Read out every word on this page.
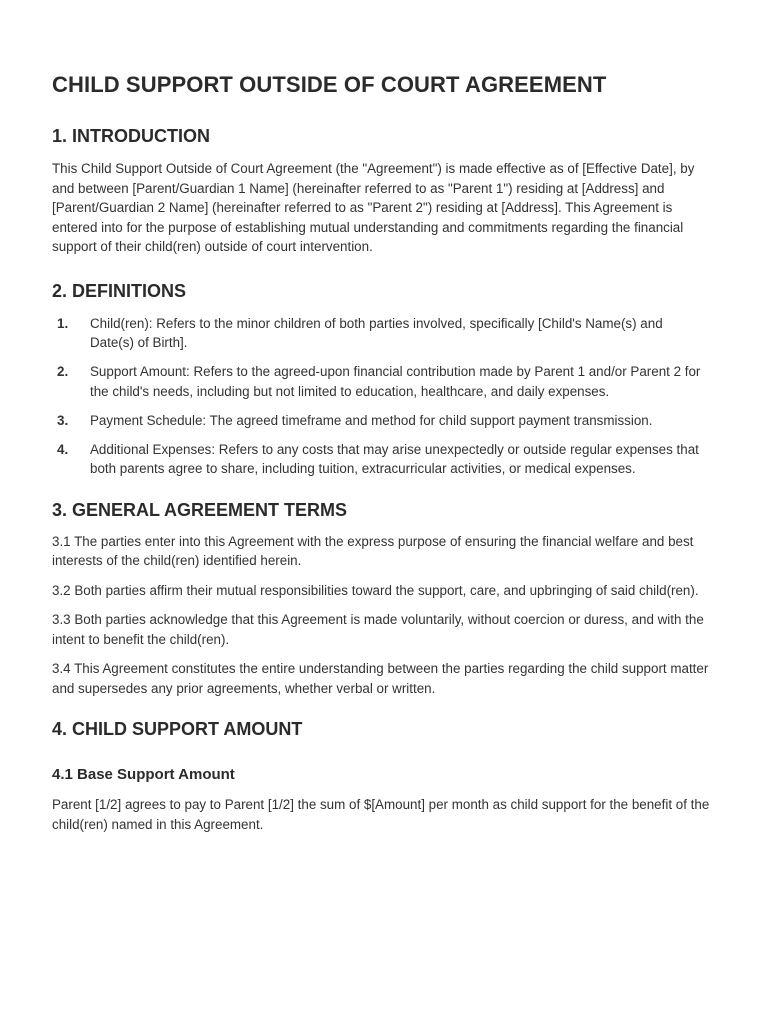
CHILD SUPPORT OUTSIDE OF COURT AGREEMENT
1. INTRODUCTION

This Child Support Outside of Court Agreement (the "Agreement") is made effective as of [Effective Date], by and between [Parent/Guardian 1 Name] (hereinafter referred to as "Parent 1") residing at [Address] and [Parent/Guardian 2 Name] (hereinafter referred to as "Parent 2") residing at [Address]. This Agreement is entered into for the purpose of establishing mutual understanding and commitments regarding the financial support of their child(ren) outside of court intervention.

2. DEFINITIONS
1. Child(ren): Refers to the minor children of both parties involved, specifically [Child's Name(s) and Date(s) of Birth].
2. Support Amount: Refers to the agreed-upon financial contribution made by Parent 1 and/or Parent 2 for the child's needs, including but not limited to education, healthcare, and daily expenses.
3. Payment Schedule: The agreed timeframe and method for child support payment transmission.
4. Additional Expenses: Refers to any costs that may arise unexpectedly or outside regular expenses that both parents agree to share, including tuition, extracurricular activities, or medical expenses.
3. GENERAL AGREEMENT TERMS

3.1 The parties enter into this Agreement with the express purpose of ensuring the financial welfare and best interests of the child(ren) identified herein.

3.2 Both parties affirm their mutual responsibilities toward the support, care, and upbringing of said child(ren).

3.3 Both parties acknowledge that this Agreement is made voluntarily, without coercion or duress, and with the intent to benefit the child(ren).

3.4 This Agreement constitutes the entire understanding between the parties regarding the child support matter and supersedes any prior agreements, whether verbal or written.

4. CHILD SUPPORT AMOUNT
4.1 Base Support Amount

Parent [1/2] agrees to pay to Parent [1/2] the sum of $[Amount] per month as child support for the benefit of the child(ren) named in this Agreement.
